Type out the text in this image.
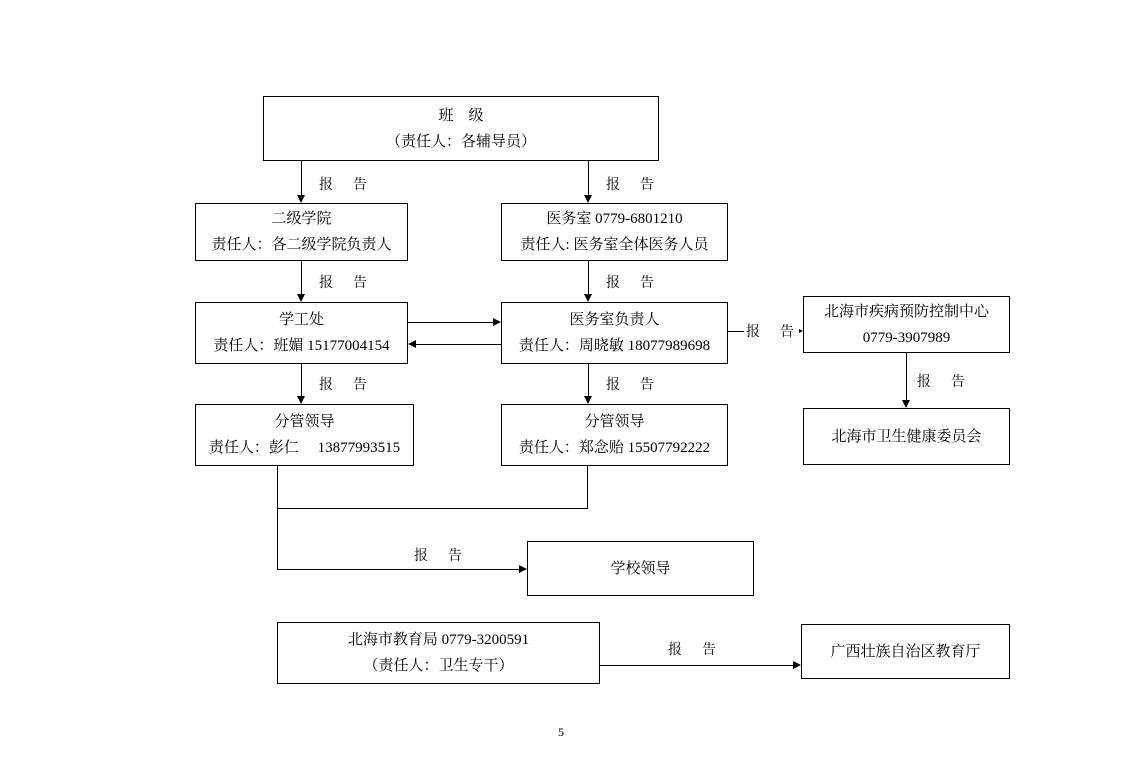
班　级
（责任人：各辅导员）
二级学院
责任人：各二级学院负责人
医务室 0779-6801210
责任人: 医务室全体医务人员
学工处
责任人：班媚 15177004154
医务室负责人
责任人：周晓敏 18077989698
北海市疾病预防控制中心
0779-3907989
分管领导
责任人：彭仁　 13877993515
分管领导
责任人：郑念贻 15507792222
北海市卫生健康委员会
学校领导
北海市教育局 0779-3200591
（责任人：卫生专干）
广西壮族自治区教育厅
报　告	报　告
报　告	报　告
报　告
报　告
报　告	报　告
报　告
报　告
5
